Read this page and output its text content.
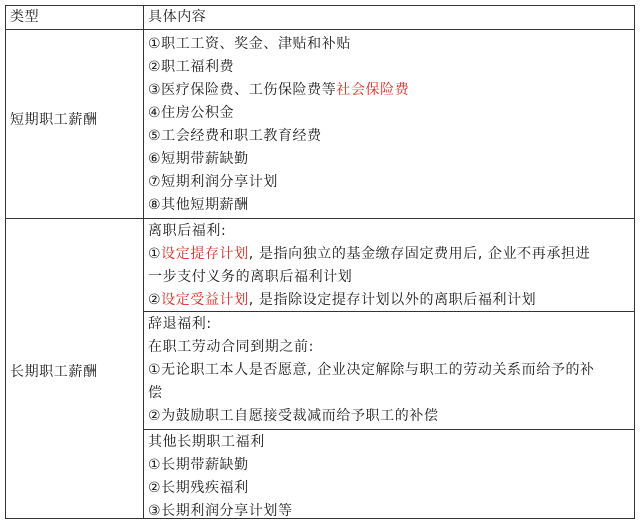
类型	具体内容
短期职工薪酬
①职工工资、奖金、津贴和补贴
②职工福利费
③医疗保险费、工伤保险费等社会保险费
④住房公积金
⑤工会经费和职工教育经费
⑥短期带薪缺勤
⑦短期利润分享计划
⑧其他短期薪酬
长期职工薪酬
离职后福利:
①设定提存计划, 是指向独立的基金缴存固定费用后, 企业不再承担进
一步支付义务的离职后福利计划
②设定受益计划, 是指除设定提存计划以外的离职后福利计划
辞退福利:
在职工劳动合同到期之前:
①无论职工本人是否愿意, 企业决定解除与职工的劳动关系而给予的补
偿
②为鼓励职工自愿接受裁减而给予职工的补偿
其他长期职工福利
①长期带薪缺勤
②长期残疾福利
③长期利润分享计划等
